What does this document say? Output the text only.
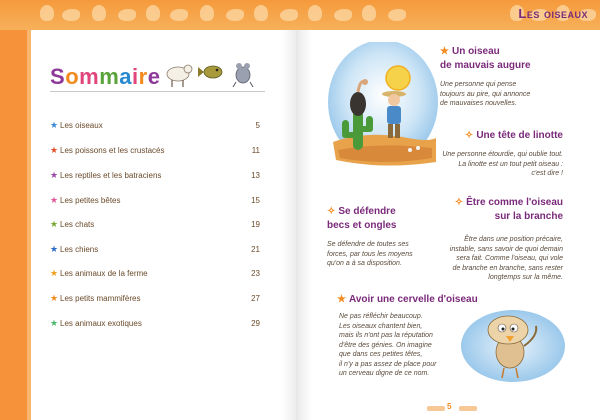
Les oiseaux
Sommaire
★ Les oiseaux	5
★ Les poissons et les crustacés	11
★ Les reptiles et les batraciens	13
★ Les petites bêtes	15
★ Les chats	19
★ Les chiens	21
★ Les animaux de la ferme	23
★ Les petits mammifères	27
★ Les animaux exotiques	29
★ Un oiseau
de mauvais augure
Une personne qui pense
toujours au pire, qui annonce
de mauvaises nouvelles.
✧ Une tête de linotte
Une personne étourdie, qui oublie tout.
La linotte est un tout petit oiseau :
c'est dire !
✧ Se défendre
becs et ongles
Se défendre de toutes ses
forces, par tous les moyens
qu'on a à sa disposition.
✧ Être comme l'oiseau
sur la branche
Être dans une position précaire,
instable, sans savoir de quoi demain
sera fait. Comme l'oiseau, qui vole
de branche en branche, sans rester
longtemps sur la même.
★ Avoir une cervelle d'oiseau
Ne pas réfléchir beaucoup.
Les oiseaux chantent bien,
mais ils n'ont pas la réputation
d'être des génies. On imagine
que dans ces petites têtes,
il n'y a pas assez de place pour
un cerveau digne de ce nom.
5
